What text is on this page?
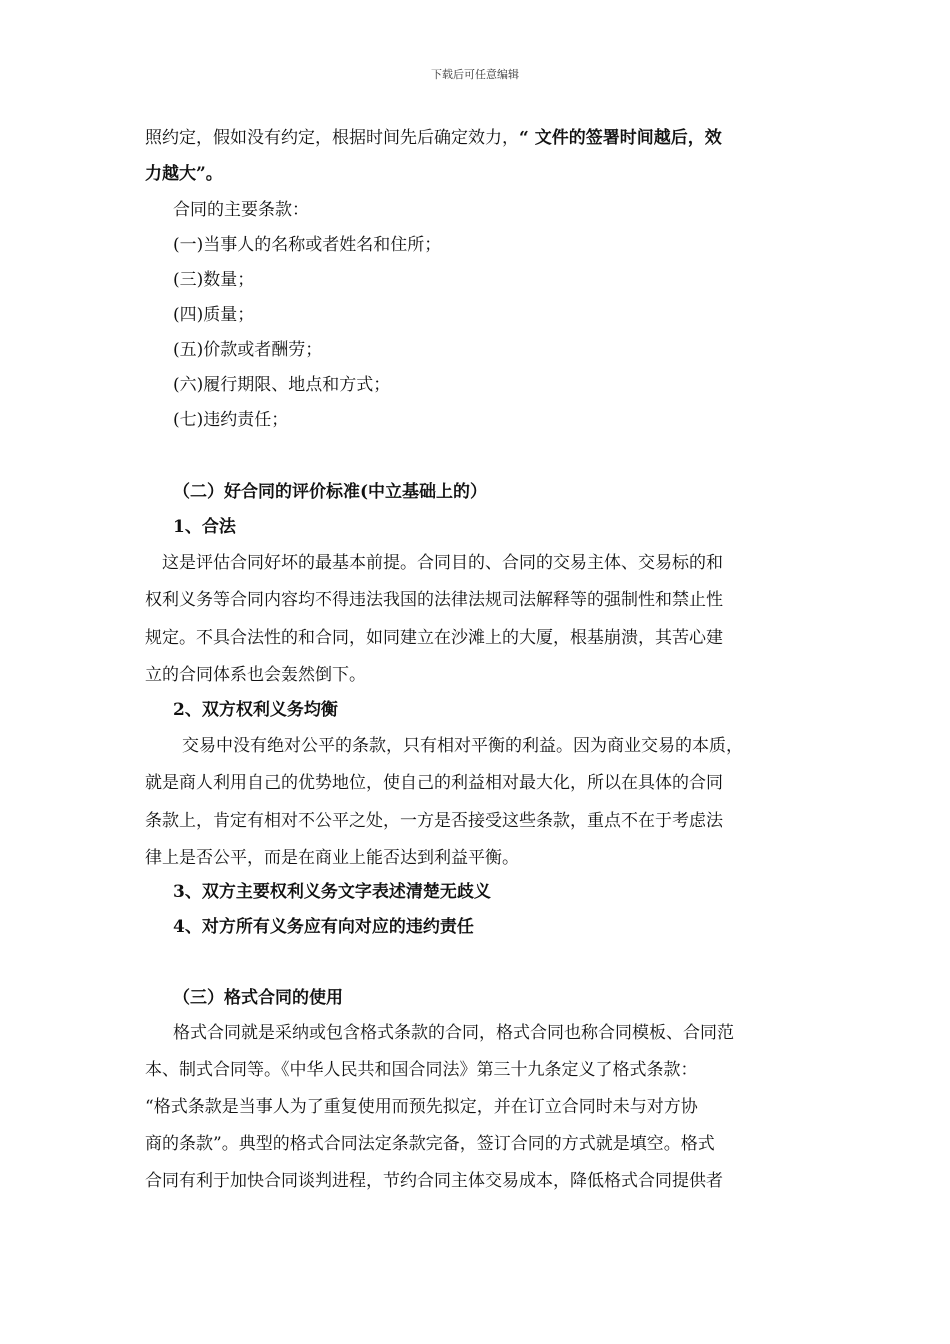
下载后可任意编辑
照约定，假如没有约定，根据时间先后确定效力，“ 文件的签署时间越后，效
力越大”。
合同的主要条款：
(一)当事人的名称或者姓名和住所；
(三)数量；
(四)质量；
(五)价款或者酬劳；
(六)履行期限、地点和方式；
(七)违约责任；
（二）好合同的评价标准(中立基础上的）
1、合法
这是评估合同好坏的最基本前提。合同目的、合同的交易主体、交易标的和
权利义务等合同内容均不得违法我国的法律法规司法解释等的强制性和禁止性
规定。不具合法性的和合同，如同建立在沙滩上的大厦，根基崩溃，其苦心建
立的合同体系也会轰然倒下。
2、双方权利义务均衡
交易中没有绝对公平的条款，只有相对平衡的利益。因为商业交易的本质，
就是商人利用自己的优势地位，使自己的利益相对最大化，所以在具体的合同
条款上，肯定有相对不公平之处，一方是否接受这些条款，重点不在于考虑法
律上是否公平，而是在商业上能否达到利益平衡。
3、双方主要权利义务文字表述清楚无歧义
4、对方所有义务应有向对应的违约责任
（三）格式合同的使用
格式合同就是采纳或包含格式条款的合同，格式合同也称合同模板、合同范
本、制式合同等。《中华人民共和国合同法》第三十九条定义了格式条款：
“格式条款是当事人为了重复使用而预先拟定，并在订立合同时未与对方协
商的条款”。典型的格式合同法定条款完备，签订合同的方式就是填空。格式
合同有利于加快合同谈判进程，节约合同主体交易成本，降低格式合同提供者
